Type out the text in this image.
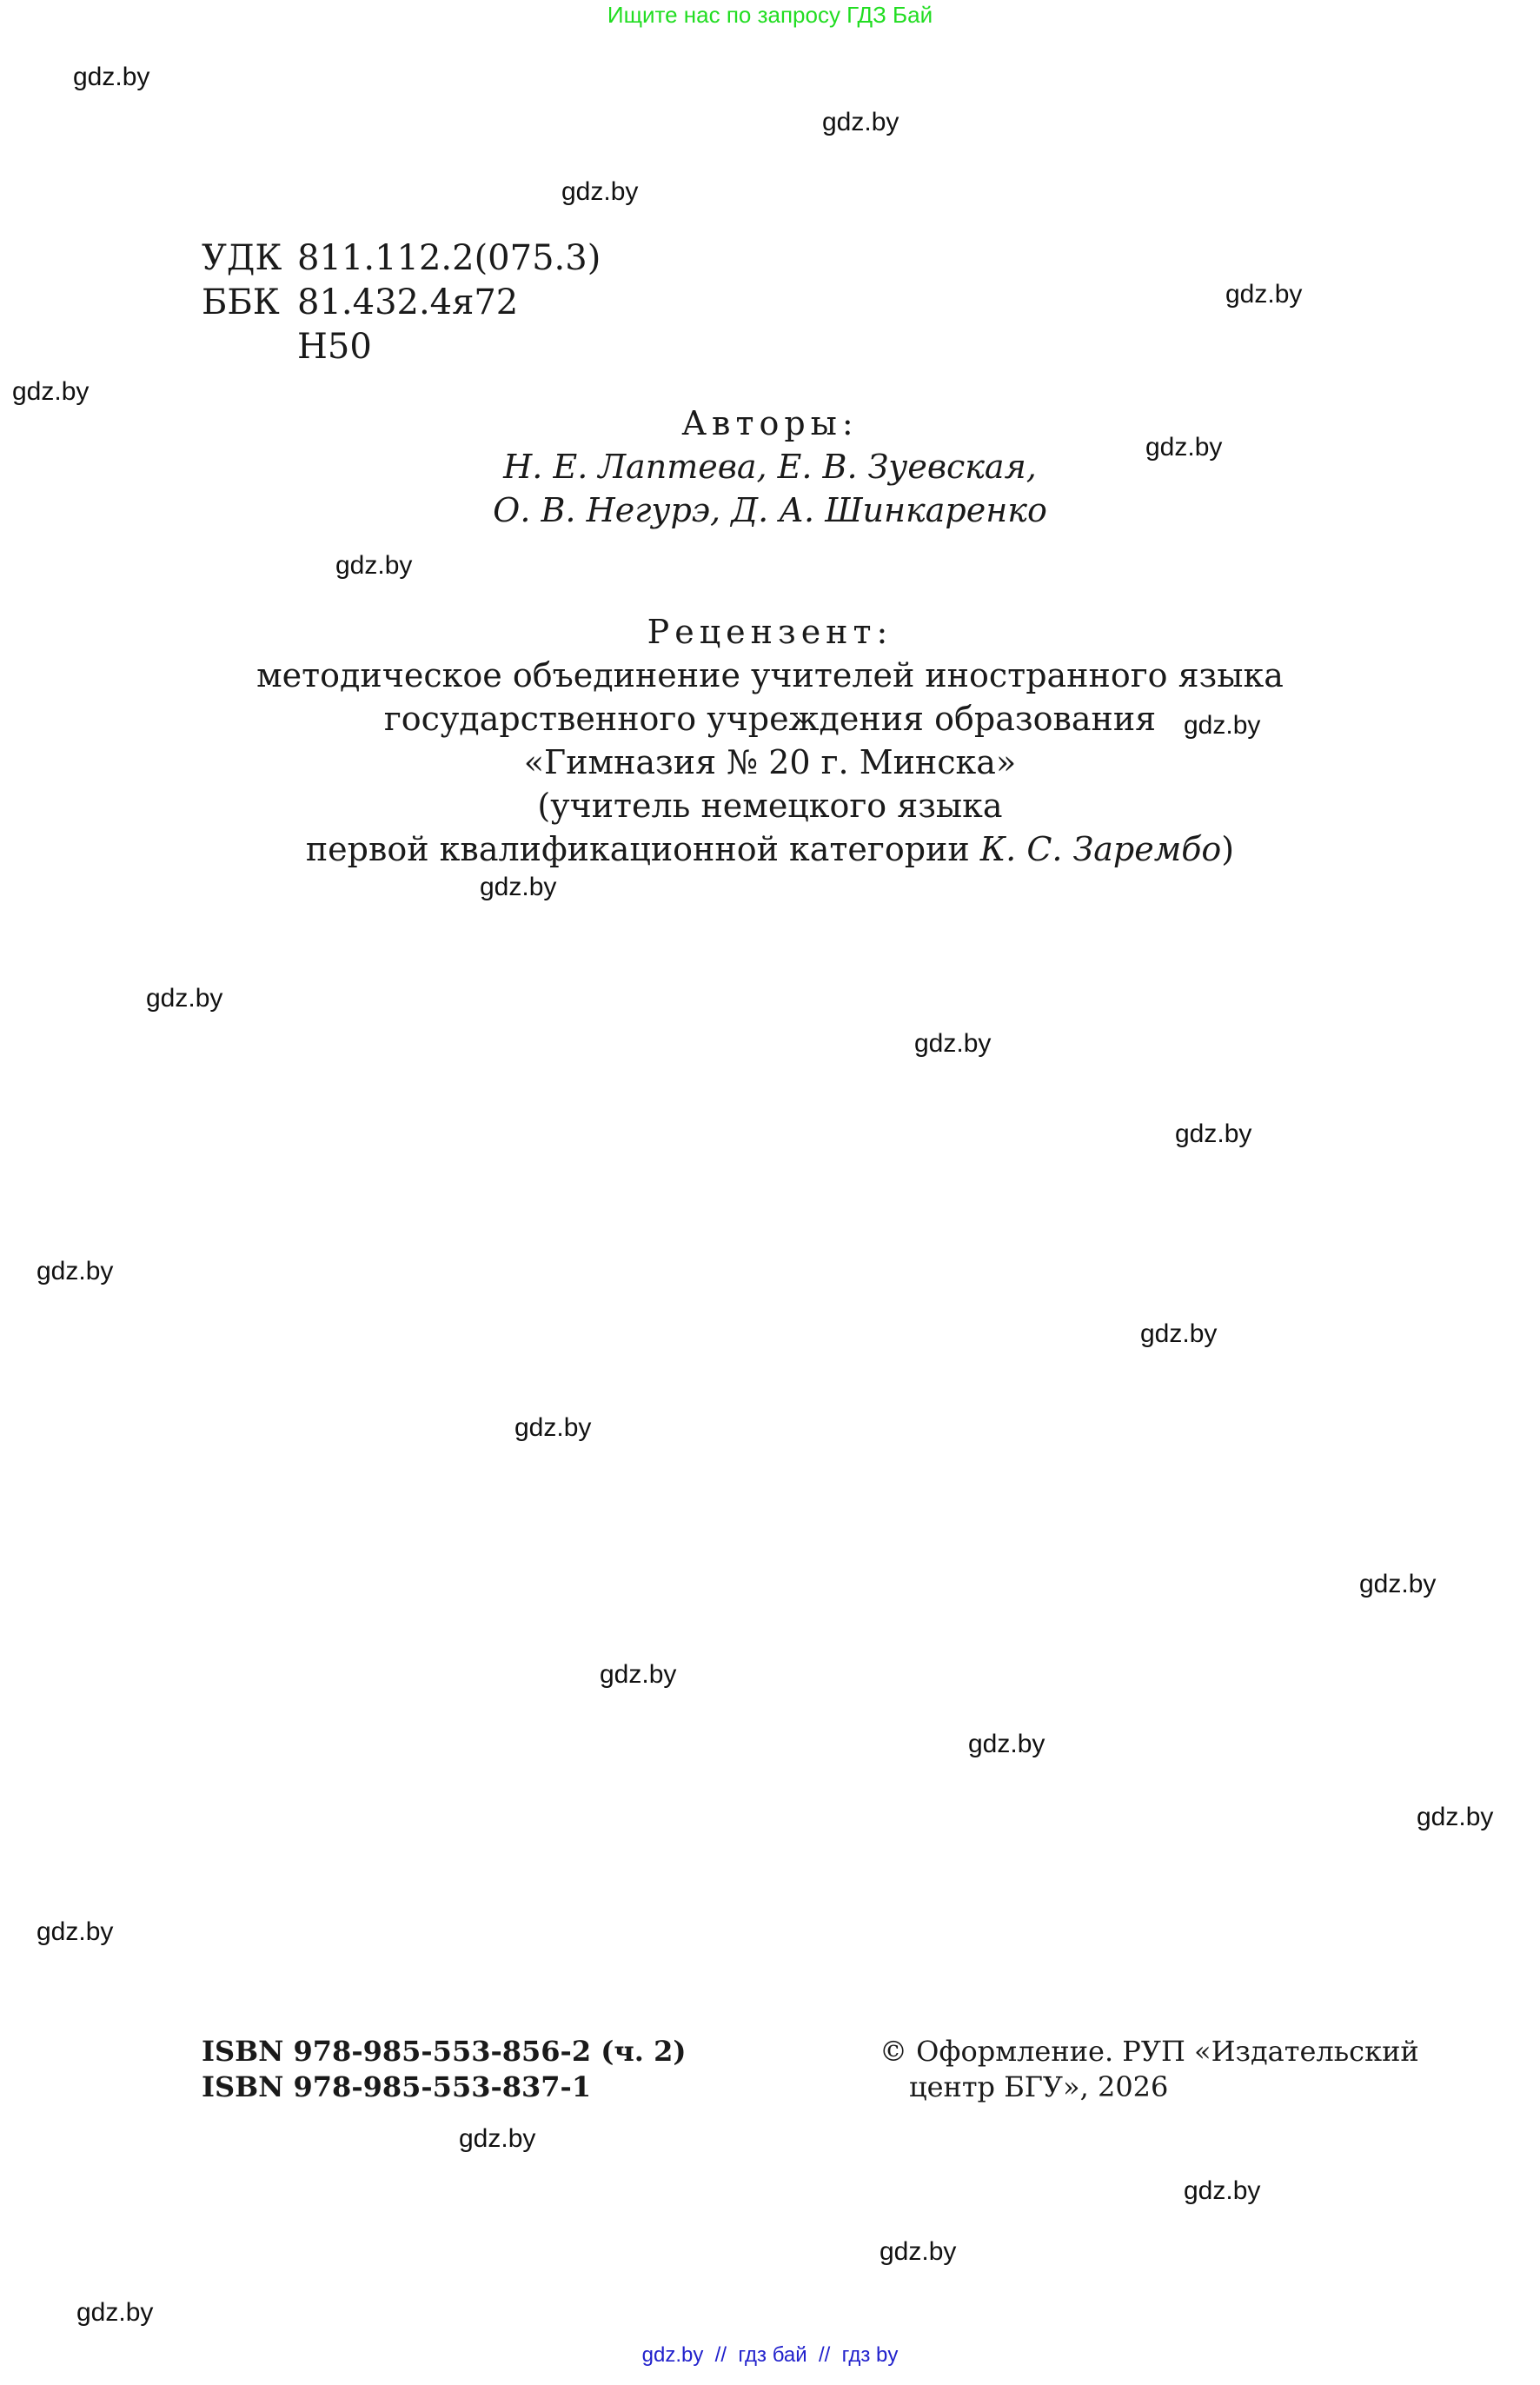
Ищите нас по запросу ГДЗ Бай
gdz.by
gdz.by
gdz.by
gdz.by
gdz.by
gdz.by
gdz.by
gdz.by
gdz.by
gdz.by
gdz.by
gdz.by
gdz.by
gdz.by
gdz.by
gdz.by
gdz.by
gdz.by
gdz.by
gdz.by
gdz.by
gdz.by
gdz.by
gdz.by
УДК 811.112.2(075.3)
ББК 81.432.4я72
Н50
Авторы:
Н. Е. Лаптева, Е. В. Зуевская,
О. В. Негурэ, Д. А. Шинкаренко
Рецензент:
методическое объединение учителей иностранного языка
государственного учреждения образования
«Гимназия № 20 г. Минска»
(учитель немецкого языка
первой квалификационной категории К. С. Зарембо)
ISBN 978-985-553-856-2 (ч. 2)
ISBN 978-985-553-837-1
© Оформление. РУП «Издательский
центр БГУ», 2026
gdz.by  //  гдз бай  //  гдз by
